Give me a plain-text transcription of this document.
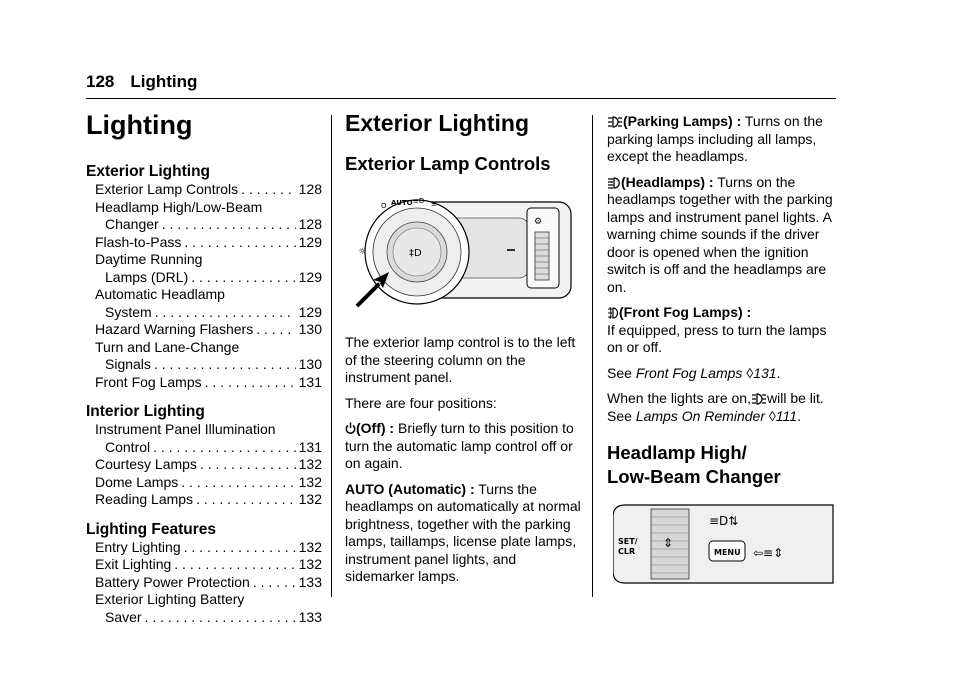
128 Lighting
Lighting
Exterior Lighting
Exterior Lamp Controls . . .	128
Headlamp High/Low-Beam
Changer . . .	128
Flash-to-Pass . . .	129
Daytime Running
Lamps (DRL) . . .	129
Automatic Headlamp
System . . .	129
Hazard Warning Flashers . . .	130
Turn and Lane-Change
Signals . . .	130
Front Fog Lamps . . .	131
Interior Lighting
Instrument Panel Illumination
Control . . .	131
Courtesy Lamps . . .	132
Dome Lamps . . .	132
Reading Lamps . . .	132
Lighting Features
Entry Lighting . . .	132
Exit Lighting . . .	132
Battery Power Protection . . .	133
Exterior Lighting Battery
Saver . . .	133
Exterior Lighting
Exterior Lamp Controls
⚙
O AUTO ≡D ≡
☼	‡D

The exterior lamp control is to the left of the steering column on the instrument panel.

There are four positions:

(Off) : Briefly turn to this position to turn the automatic lamp control off or on again.

AUTO (Automatic) : Turns the headlamps on automatically at normal brightness, together with the parking lamps, taillamps, license plate lamps, instrument panel lights, and sidemarker lamps.

(Parking Lamps) : Turns on the parking lamps including all lamps, except the headlamps.

(Headlamps) : Turns on the headlamps together with the parking lamps and instrument panel lights. A warning chime sounds if the driver door is opened when the ignition switch is off and the headlamps are on.

(Front Fog Lamps) :
If equipped, press to turn the lamps on or off.

See Front Fog Lamps ◊131.

When the lights are on, will be lit. See Lamps On Reminder ◊111.

Headlamp High/
Low-Beam Changer
⇕
SET/
CLR	MENU
≡D⇅
⇦≡⇕
